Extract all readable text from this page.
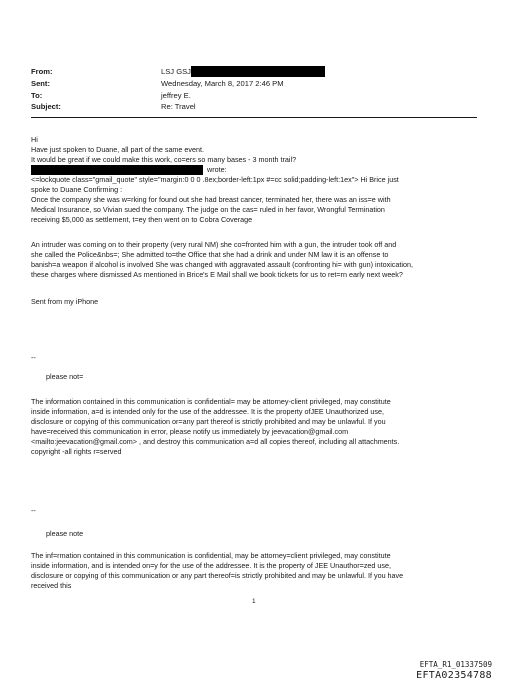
From:	LSJ GSJ
Sent:	Wednesday, March 8, 2017 2:46 PM
To:	jeffrey E.
Subject:	Re: Travel
Hi
Have just spoken to Duane, all part of the same event.
It would be great if we could make this work, co=ers so many bases - 3 month trail?
wrote:
<=lockquote class="gmail_quote" style="margin:0 0 0 .8ex;border-left:1px #=cc solid;padding-left:1ex"> Hi Brice just
spoke to Duane Confirming :
Once the company she was w=rking for found out she had breast cancer, terminated her, there was an iss=e with
Medical Insurance, so Vivian sued the company. The judge on the cas= ruled in her favor, Wrongful Termination
receiving $5,000 as settlement, t=ey then went on to Cobra Coverage
An intruder was coming on to their property (very rural NM) she co=fronted him with a gun, the intruder took off and
she called the Police&nbs=; She admitted to=the Office that she had a drink and under NM law it is an offense to
banish=a weapon if alcohol is involved She was changed with aggravated assault (confronting hi= with gun) intoxication,
these charges where dismissed As mentioned in Brice's E Mail shall we book tickets for us to ret=rn early next week?
Sent from my iPhone
--
please not=
The information contained in this communication is confidential= may be attorney-client privileged, may constitute
inside information, a=d is intended only for the use of the addressee. It is the property ofJEE Unauthorized use,
disclosure or copying of this communication or=any part thereof is strictly prohibited and may be unlawful. If you
have=received this communication in error, please notify us immediately by jeevacation@gmail.com
<mailto:jeevacation@gmail.com> , and destroy this communication a=d all copies thereof, including all attachments.
copyright -all rights r=served
--
please note
The inf=rmation contained in this communication is confidential, may be attorney=client privileged, may constitute
inside information, and is intended on=y for the use of the addressee. It is the property of JEE Unauthor=zed use,
disclosure or copying of this communication or any part thereof=is strictly prohibited and may be unlawful. If you have
received this
1
EFTA_R1_01337509
EFTA02354788
